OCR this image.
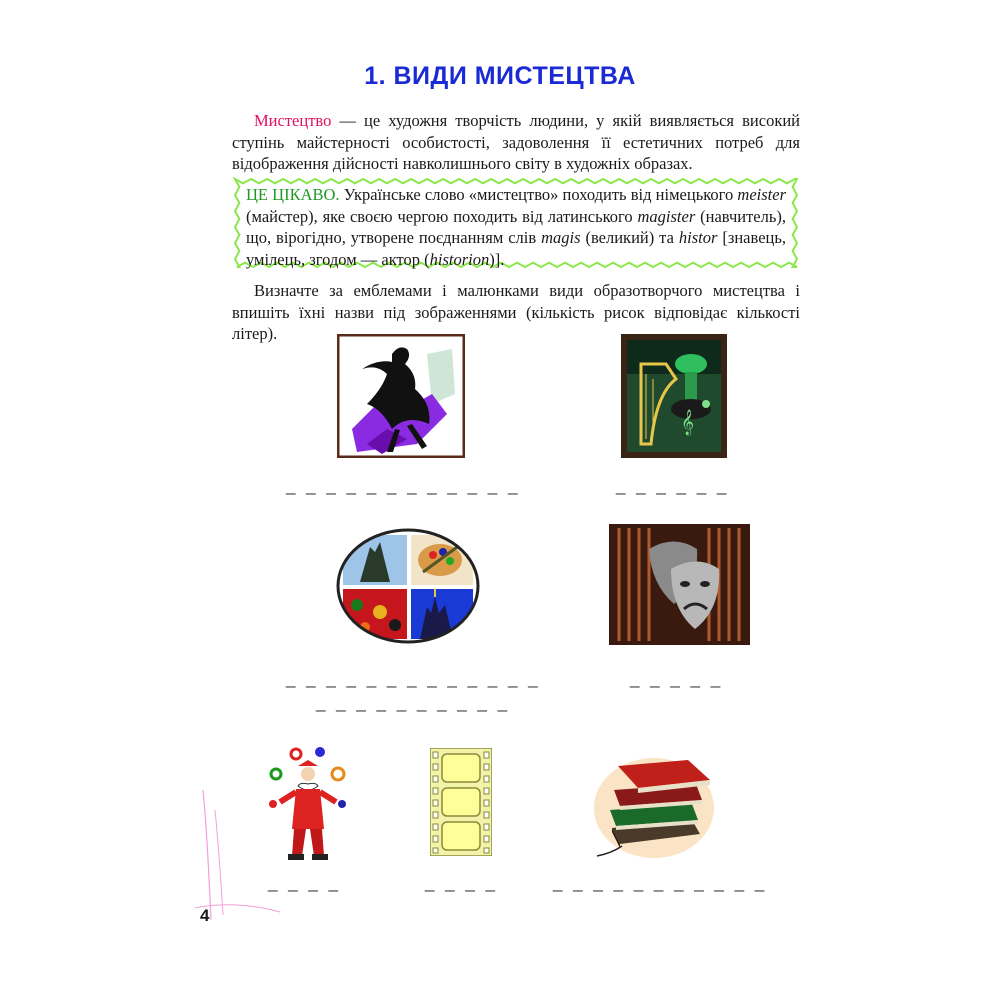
1. ВИДИ МИСТЕЦТВА
Мистецтво — це художня творчість людини, у якій виявляється високий ступінь майстерності особистості, задоволення її естетичних потреб для відображення дійсності навколишнього світу в художніх образах.
ЦЕ ЦІКАВО. Українське слово «мистецтво» походить від німецького meister (майстер), яке своєю чергою походить від латинського magister (навчитель), що, вірогідно, утворене поєднанням слів magis (великий) та histor [знавець, умілець, згодом — актор (historion)].
Визначте за емблемами і малюнками види образотворчого мистецтва і впишіть їхні назви під зображеннями (кількість рисок відповідає кількості літер).
𝄞
_ _ _ _ _ _ _ _ _ _ _ _	_ _ _ _ _ _
_ _ _ _ _ _ _ _ _ _ _ _ _
_ _ _ _ _ _ _ _ _ _
_ _ _ _ _
_ _ _ _	_ _ _ _	_ _ _ _ _ _ _ _ _ _ _
4
